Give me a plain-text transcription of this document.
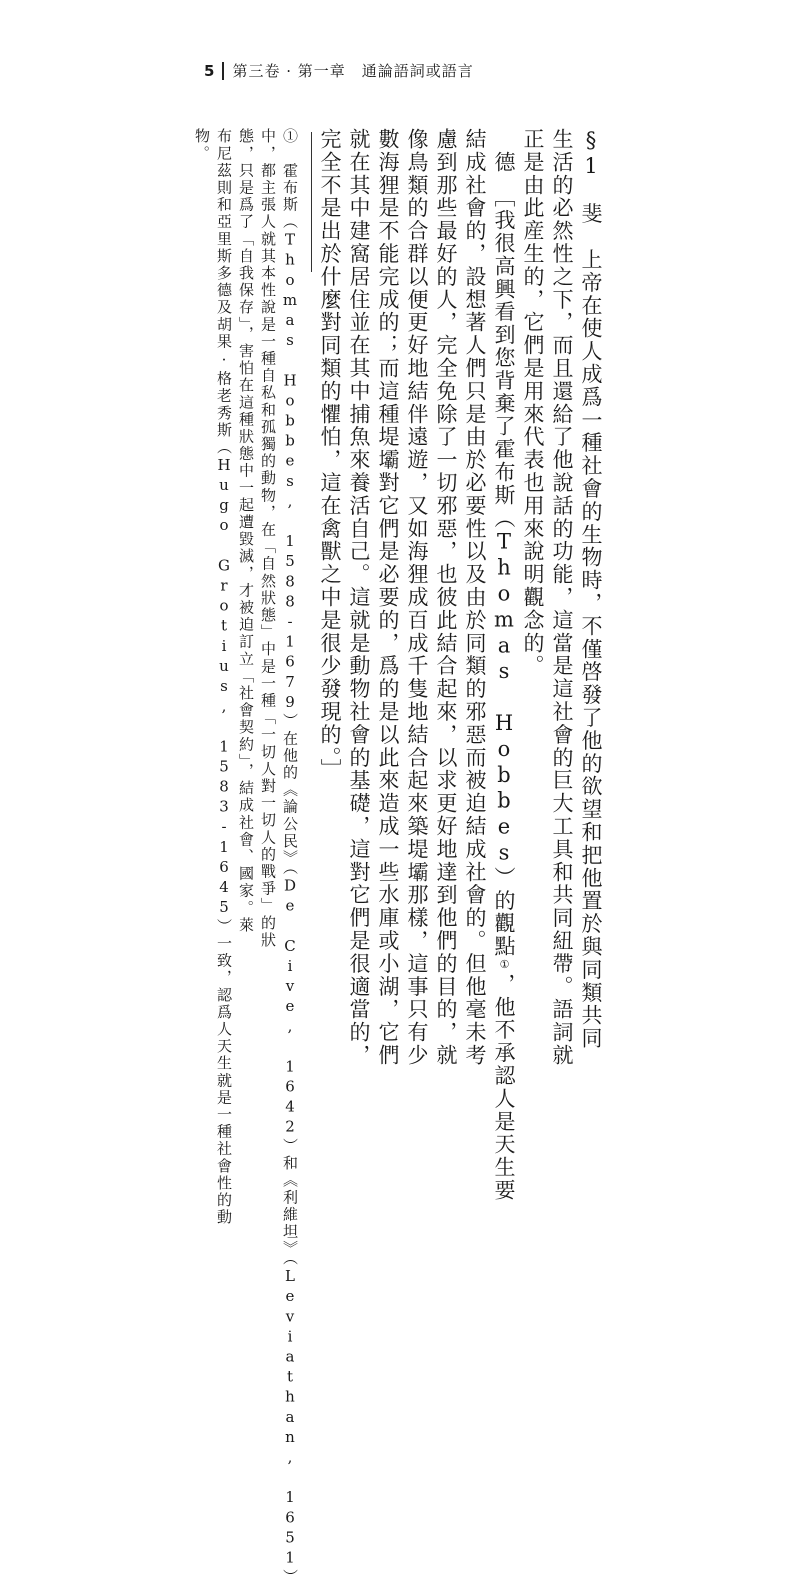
5 第三卷 · 第一章　通論語詞或語言
§1　斐　上帝在使人成爲一種社會的生物時，不僅啓發了他的欲望和把他置於與同類共同
生活的必然性之下，而且還給了他說話的功能，這當是這社會的巨大工具和共同紐帶。語詞就
正是由此産生的，它們是用來代表也用來說明觀念的。
　德　［我很高興看到您背棄了霍布斯（Thomas Hobbes）的觀點①，他不承認人是天生要
結成社會的，設想著人們只是由於必要性以及由於同類的邪惡而被迫結成社會的。但他毫未考
慮到那些最好的人，完全免除了一切邪惡，也彼此結合起來，以求更好地達到他們的目的，就
像鳥類的合群以便更好地結伴遠遊，又如海狸成百成千隻地結合起來築堤壩那樣，這事只有少
數海狸是不能完成的；而這種堤壩對它們是必要的，爲的是以此來造成一些水庫或小湖，它們
就在其中建窩居住並在其中捕魚來養活自己。這就是動物社會的基礎，這對它們是很適當的，
完全不是出於什麼對同類的懼怕，這在禽獸之中是很少發現的。］
①　霍布斯（Thomas Hobbes, 1588-1679）在他的《論公民》（De Cive, 1642）和《利維坦》（Leviathan, 1651）
中，都主張人就其本性說是一種自私和孤獨的動物，在「自然狀態」中是一種「一切人對一切人的戰爭」的狀
態，只是爲了「自我保存」，害怕在這種狀態中一起遭毀滅，才被迫訂立「社會契約」，結成社會、國家。萊
布尼茲則和亞里斯多德及胡果·格老秀斯（Hugo Grotius, 1583-1645）一致，認爲人天生就是一種社會性的動
物。
